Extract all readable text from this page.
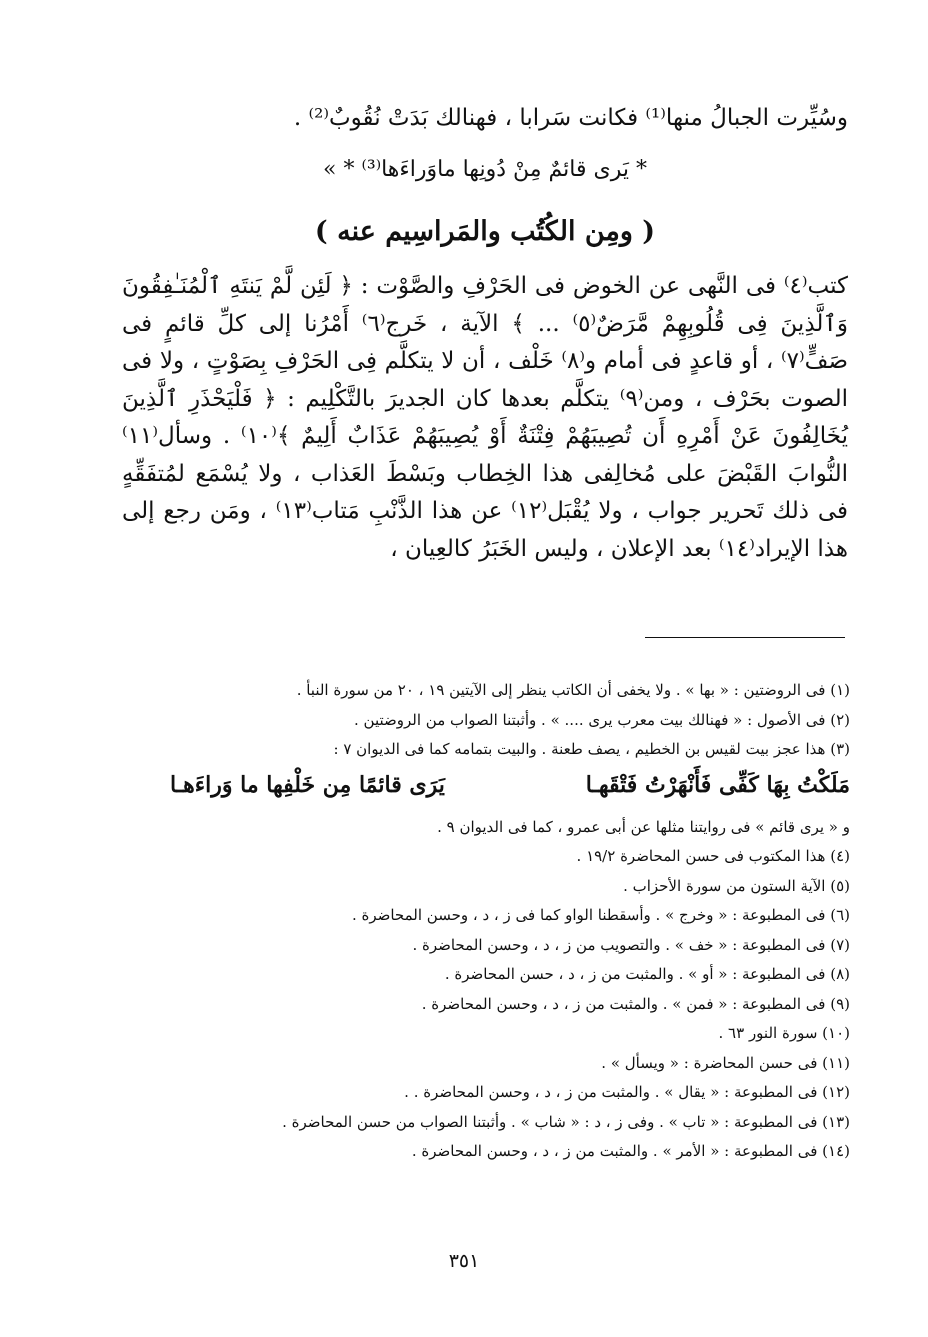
وسُيِّرت الجبالُ منها⁽¹⁾ فكانت سَرابا ، فهنالك بَدَتْ نُقُوبٌ⁽²⁾ .
* يَرى قائمٌ مِنْ دُونِها ماوَراءَها⁽³⁾ * »
( ومِن الكُتُب والمَراسِيم عنه )
كتب⁽٤⁾ فى النَّهى عن الخوض فى الحَرْفِ والصَّوْت : ﴿ لَئِن لَّمْ يَنتَهِ ٱلْمُنَـٰفِقُونَ وَٱلَّذِينَ فِى قُلُوبِهِمْ مَّرَضٌ⁽٥⁾ ... ﴾ الآية ، خَرج⁽٦⁾ أَمْرُنا إلى كلِّ قائمٍ فى صَفٍّ⁽٧⁾ ، أو قاعدٍ فى أمام و⁽٨⁾ خَلْف ، أن لا يتكلَّم فِى الحَرْفِ بِصَوْتٍ ، ولا فى الصوت بحَرْف ، ومن⁽٩⁾ يتكلَّم بعدها كان الجديرَ بالتَّكْلِيم : ﴿ فَلْيَحْذَرِ ٱلَّذِينَ يُخَالِفُونَ عَنْ أَمْرِهِ أَن تُصِيبَهُمْ فِتْنَةٌ أَوْ يُصِيبَهُمْ عَذَابٌ أَلِيمٌ ﴾⁽١٠⁾ . وسأل⁽١١⁾ النُّوابَ القَبْضَ على مُخالِفى هذا الخِطاب وبَسْطَ العَذاب ، ولا يُسْمَع لمُتفَقِّهٍ فى ذلك تَحرير جواب ، ولا يُقْبَل⁽١٢⁾ عن هذا الذَّنْبِ مَتاب⁽١٣⁾ ، ومَن رجع إلى هذا الإيراد⁽١٤⁾ بعد الإعلان ، وليس الخَبَرُ كالعِيان ،
(١) فى الروضتين : « بها » . ولا يخفى أن الكاتب ينظر إلى الآيتين ١٩ ، ٢٠ من سورة النبأ .
(٢) فى الأصول : « فهنالك بيت معرب يرى .... » . وأثبتنا الصواب من الروضتين .
(٣) هذا عجز بيت لقيس بن الخطيم ، يصف طعنة . والبيت بتمامه كما فى الديوان ٧ :
مَلَكْتُ بِهَا كَفِّى فَأَنْهَرْتُ فَتْقَهـا
يَرَى قائمًا مِن خَلْفِها ما وَراءَهـا
و « يرى قائم » فى روايتنا مثلها عن أبى عمرو ، كما فى الديوان ٩ .
(٤) هذا المكتوب فى حسن المحاضرة ١٩/٢ .
(٥) الآية الستون من سورة الأحزاب .
(٦) فى المطبوعة : « وخرج » . وأسقطنا الواو كما فى ز ، د ، وحسن المحاضرة .
(٧) فى المطبوعة : « خف » . والتصويب من ز ، د ، وحسن المحاضرة .
(٨) فى المطبوعة : « أو » . والمثبت من ز ، د ، حسن المحاضرة .
(٩) فى المطبوعة : « فمن » . والمثبت من ز ، د ، وحسن المحاضرة .
(١٠) سورة النور ٦٣ .
(١١) فى حسن المحاضرة : « ويسأل » .
(١٢) فى المطبوعة : « يقال » . والمثبت من ز ، د ، وحسن المحاضرة . .
(١٣) فى المطبوعة : « تاب » . وفى ز ، د : « شاب » . وأثبتنا الصواب من حسن المحاضرة .
(١٤) فى المطبوعة : « الأمر » . والمثبت من ز ، د ، وحسن المحاضرة .
٣٥١
